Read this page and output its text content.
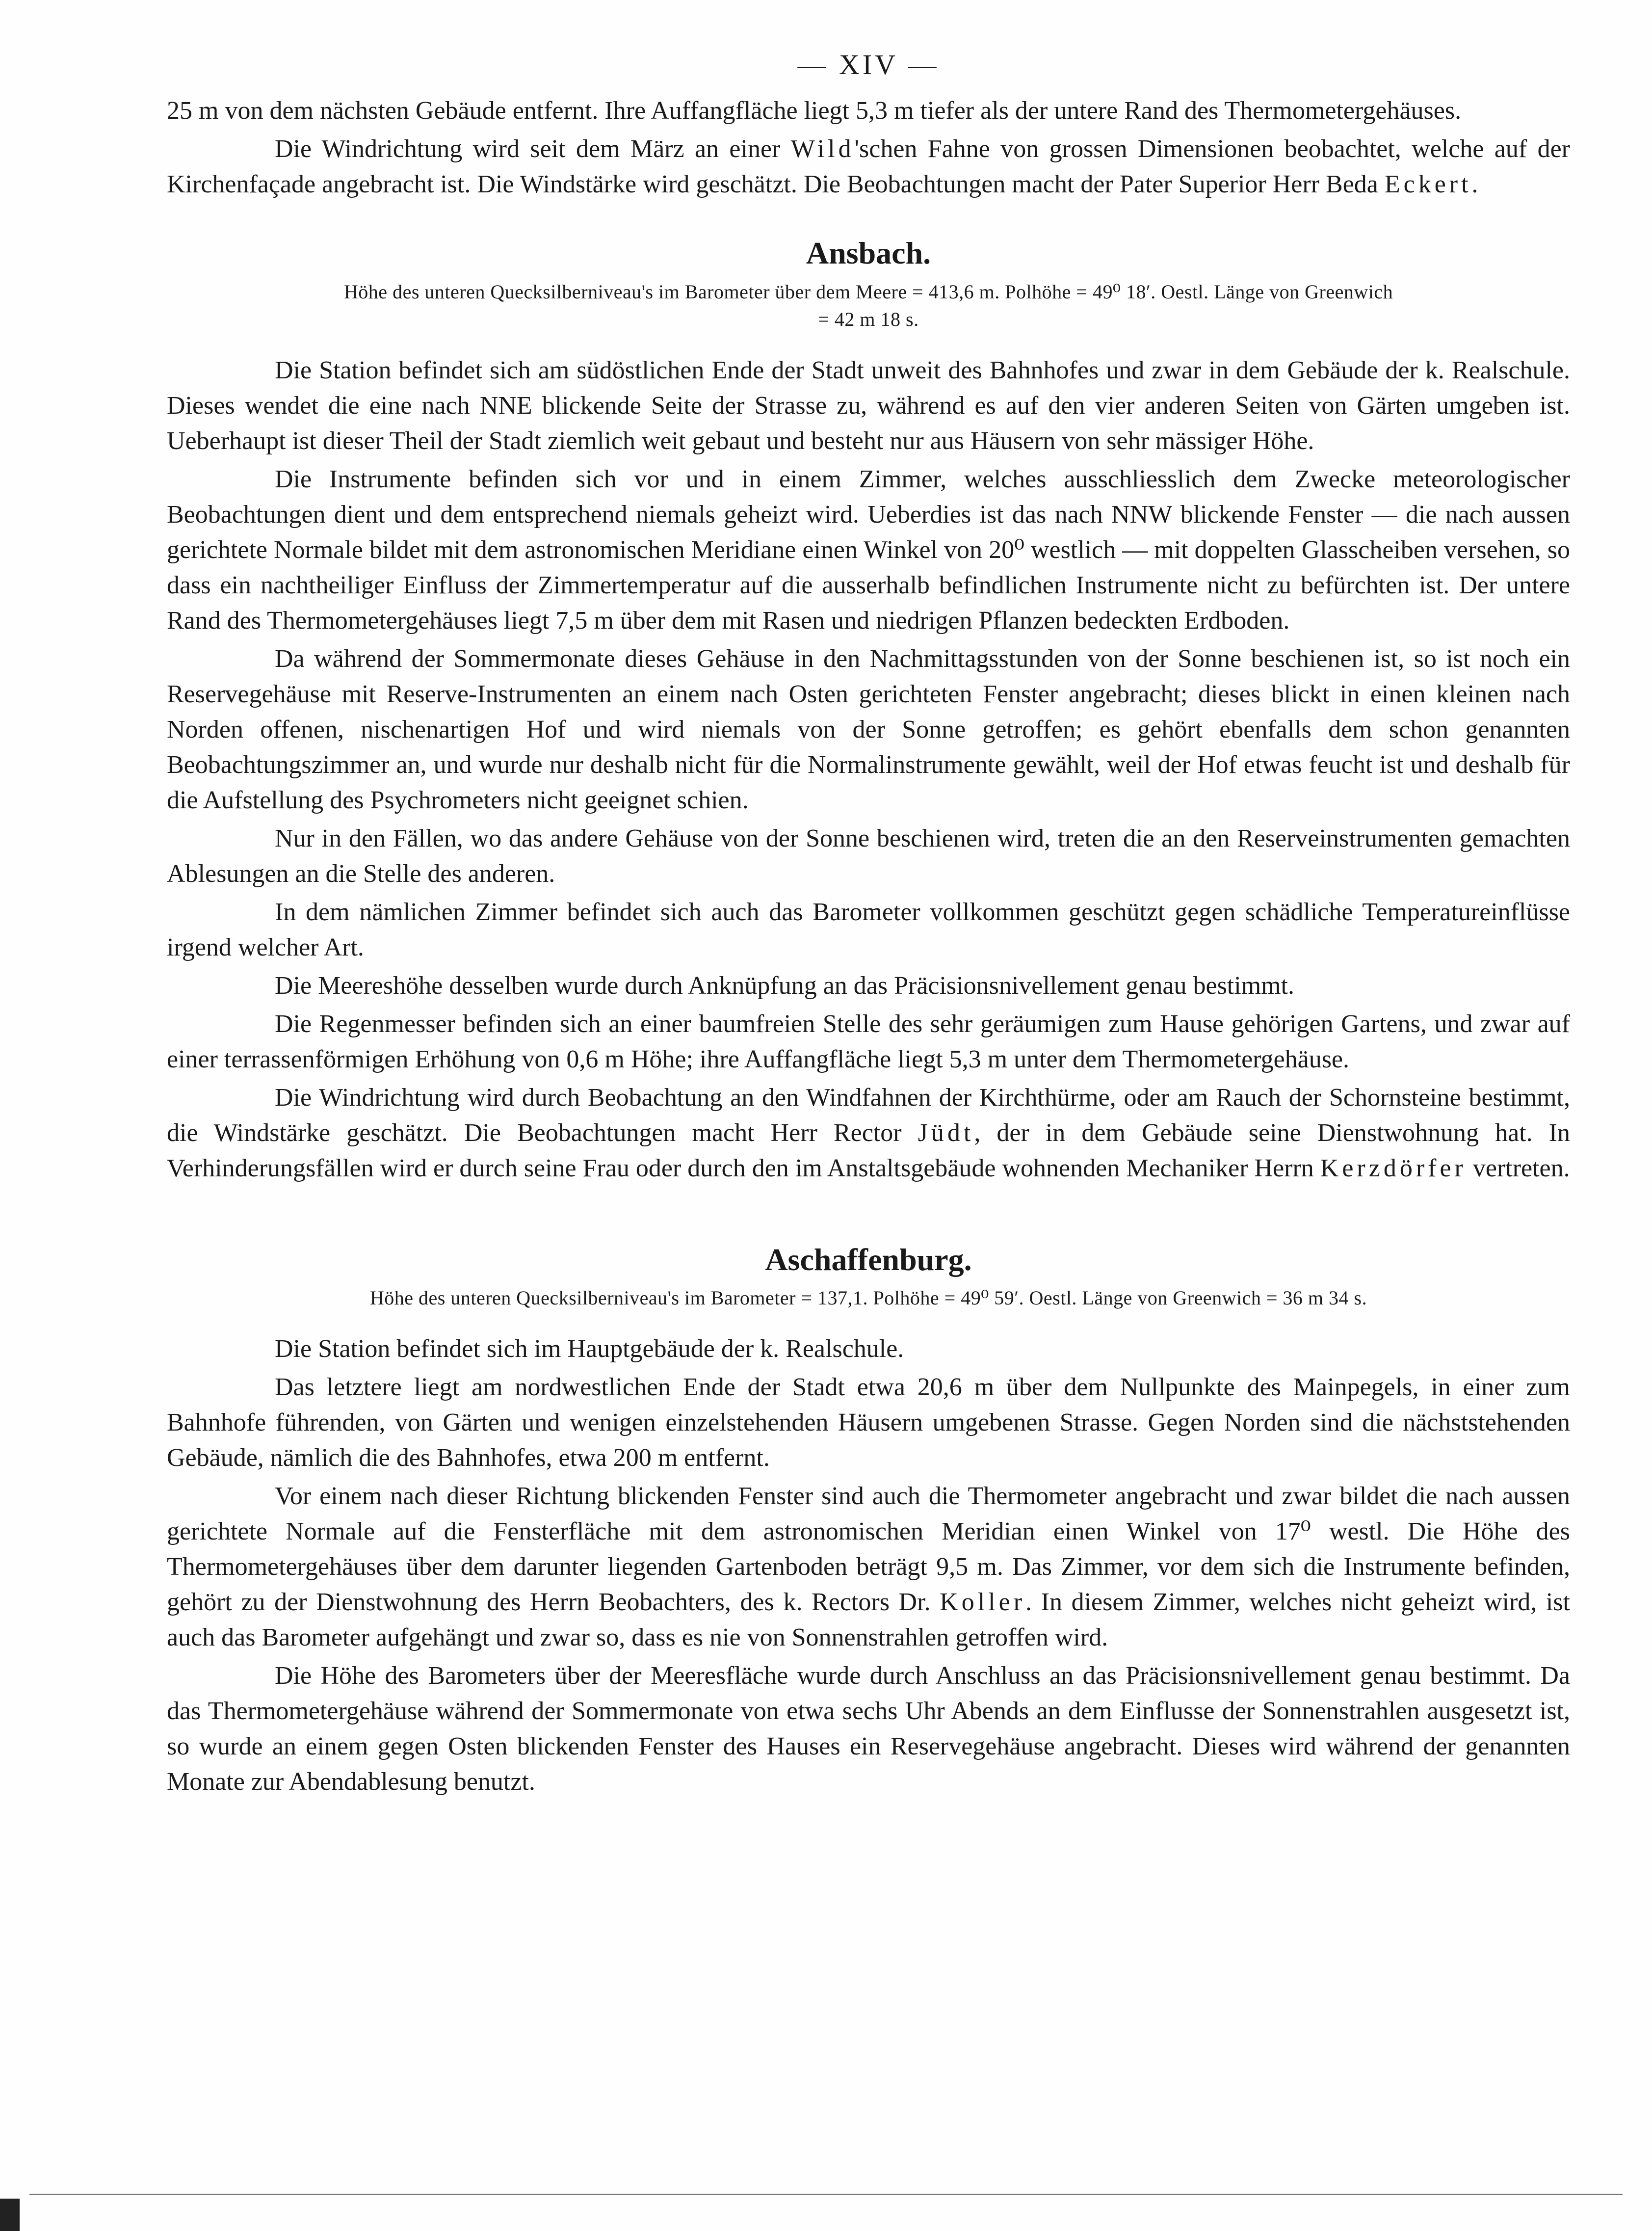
— XIV —

25 m von dem nächsten Gebäude entfernt. Ihre Auffangfläche liegt 5,3 m tiefer als der untere Rand des Thermometergehäuses.

Die Windrichtung wird seit dem März an einer Wild'schen Fahne von grossen Dimensionen beobachtet, welche auf der Kirchenfaçade angebracht ist. Die Windstärke wird geschätzt. Die Beobachtungen macht der Pater Superior Herr Beda Eckert.

Ansbach.
Höhe des unteren Quecksilberniveau's im Barometer über dem Meere = 413,6 m. Polhöhe = 49⁰ 18′. Oestl. Länge von Greenwich
= 42 m 18 s.

Die Station befindet sich am südöstlichen Ende der Stadt unweit des Bahnhofes und zwar in dem Gebäude der k. Realschule. Dieses wendet die eine nach NNE blickende Seite der Strasse zu, während es auf den vier anderen Seiten von Gärten umgeben ist. Ueberhaupt ist dieser Theil der Stadt ziemlich weit gebaut und besteht nur aus Häusern von sehr mässiger Höhe.

Die Instrumente befinden sich vor und in einem Zimmer, welches ausschliesslich dem Zwecke meteorologischer Beobachtungen dient und dem entsprechend niemals geheizt wird. Ueberdies ist das nach NNW blickende Fenster — die nach aussen gerichtete Normale bildet mit dem astronomischen Meridiane einen Winkel von 20⁰ westlich — mit doppelten Glasscheiben versehen, so dass ein nachtheiliger Einfluss der Zimmertemperatur auf die ausserhalb befindlichen Instrumente nicht zu befürchten ist. Der untere Rand des Thermometergehäuses liegt 7,5 m über dem mit Rasen und niedrigen Pflanzen bedeckten Erdboden.

Da während der Sommermonate dieses Gehäuse in den Nachmittagsstunden von der Sonne beschienen ist, so ist noch ein Reservegehäuse mit Reserve-Instrumenten an einem nach Osten gerichteten Fenster angebracht; dieses blickt in einen kleinen nach Norden offenen, nischenartigen Hof und wird niemals von der Sonne getroffen; es gehört ebenfalls dem schon genannten Beobachtungszimmer an, und wurde nur deshalb nicht für die Normalinstrumente gewählt, weil der Hof etwas feucht ist und deshalb für die Aufstellung des Psychrometers nicht geeignet schien.

Nur in den Fällen, wo das andere Gehäuse von der Sonne beschienen wird, treten die an den Reserveinstrumenten gemachten Ablesungen an die Stelle des anderen.

In dem nämlichen Zimmer befindet sich auch das Barometer vollkommen geschützt gegen schädliche Temperatureinflüsse irgend welcher Art.

Die Meereshöhe desselben wurde durch Anknüpfung an das Präcisionsnivellement genau bestimmt.

Die Regenmesser befinden sich an einer baumfreien Stelle des sehr geräumigen zum Hause gehörigen Gartens, und zwar auf einer terrassenförmigen Erhöhung von 0,6 m Höhe; ihre Auffangfläche liegt 5,3 m unter dem Thermometergehäuse.

Die Windrichtung wird durch Beobachtung an den Windfahnen der Kirchthürme, oder am Rauch der Schornsteine bestimmt, die Windstärke geschätzt. Die Beobachtungen macht Herr Rector Jüdt, der in dem Gebäude seine Dienstwohnung hat. In Verhinderungsfällen wird er durch seine Frau oder durch den im Anstaltsgebäude wohnenden Mechaniker Herrn Kerzdörfer vertreten.

Aschaffenburg.
Höhe des unteren Quecksilberniveau's im Barometer = 137,1. Polhöhe = 49⁰ 59′. Oestl. Länge von Greenwich = 36 m 34 s.

Die Station befindet sich im Hauptgebäude der k. Realschule.

Das letztere liegt am nordwestlichen Ende der Stadt etwa 20,6 m über dem Nullpunkte des Mainpegels, in einer zum Bahnhofe führenden, von Gärten und wenigen einzelstehenden Häusern umgebenen Strasse. Gegen Norden sind die nächststehenden Gebäude, nämlich die des Bahnhofes, etwa 200 m entfernt.

Vor einem nach dieser Richtung blickenden Fenster sind auch die Thermometer angebracht und zwar bildet die nach aussen gerichtete Normale auf die Fensterfläche mit dem astronomischen Meridian einen Winkel von 17⁰ westl. Die Höhe des Thermometergehäuses über dem darunter liegenden Gartenboden beträgt 9,5 m. Das Zimmer, vor dem sich die Instrumente befinden, gehört zu der Dienstwohnung des Herrn Beobachters, des k. Rectors Dr. Koller. In diesem Zimmer, welches nicht geheizt wird, ist auch das Barometer aufgehängt und zwar so, dass es nie von Sonnenstrahlen getroffen wird.

Die Höhe des Barometers über der Meeresfläche wurde durch Anschluss an das Präcisionsnivellement genau bestimmt. Da das Thermometergehäuse während der Sommermonate von etwa sechs Uhr Abends an dem Einflusse der Sonnenstrahlen ausgesetzt ist, so wurde an einem gegen Osten blickenden Fenster des Hauses ein Reservegehäuse angebracht. Dieses wird während der genannten Monate zur Abendablesung benutzt.
